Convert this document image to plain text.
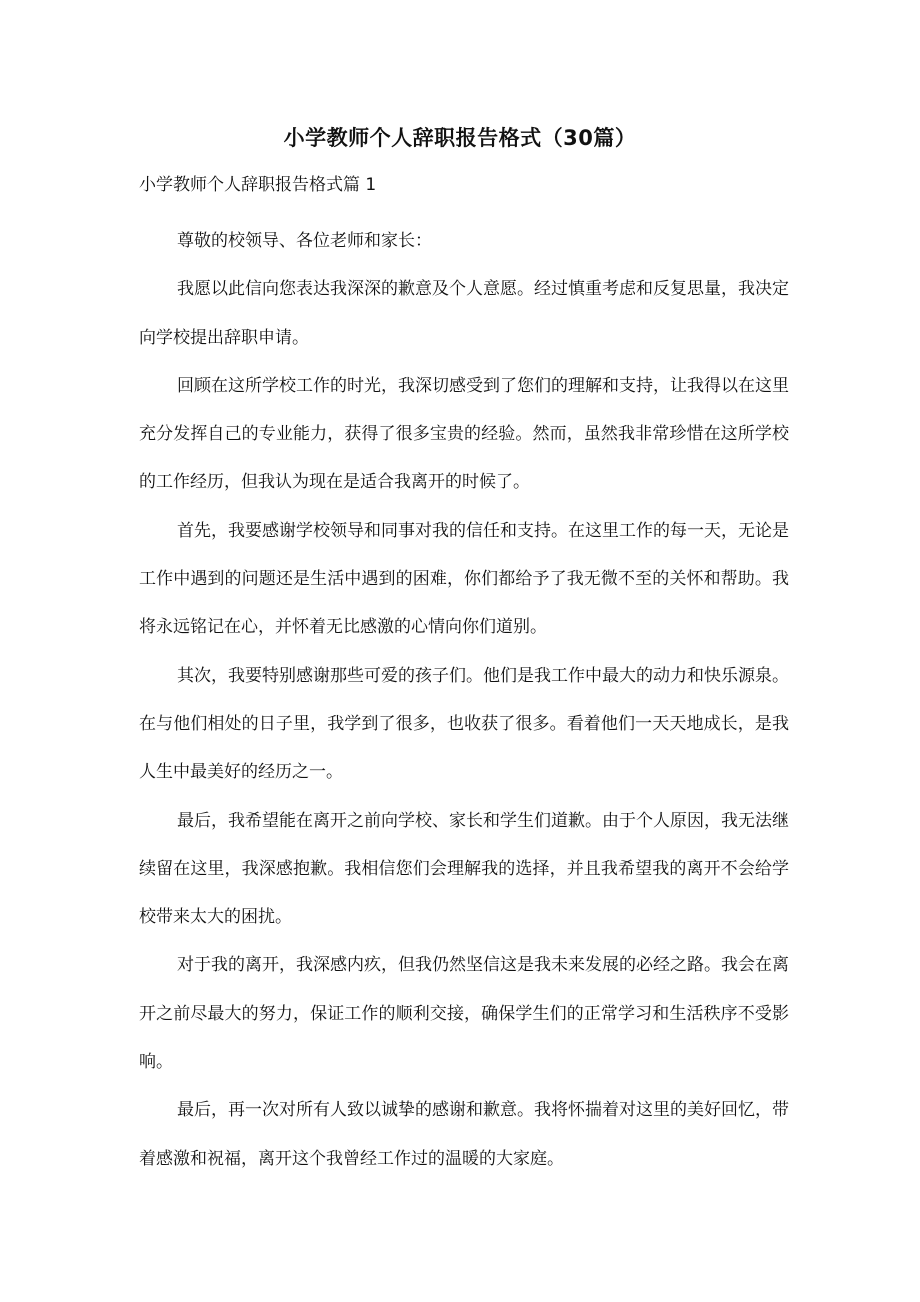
小学教师个人辞职报告格式（30篇）
小学教师个人辞职报告格式篇 1

尊敬的校领导、各位老师和家长：

我愿以此信向您表达我深深的歉意及个人意愿。经过慎重考虑和反复思量，我决定向学校提出辞职申请。

回顾在这所学校工作的时光，我深切感受到了您们的理解和支持，让我得以在这里充分发挥自己的专业能力，获得了很多宝贵的经验。然而，虽然我非常珍惜在这所学校的工作经历，但我认为现在是适合我离开的时候了。

首先，我要感谢学校领导和同事对我的信任和支持。在这里工作的每一天，无论是工作中遇到的问题还是生活中遇到的困难，你们都给予了我无微不至的关怀和帮助。我将永远铭记在心，并怀着无比感激的心情向你们道别。

其次，我要特别感谢那些可爱的孩子们。他们是我工作中最大的动力和快乐源泉。在与他们相处的日子里，我学到了很多，也收获了很多。看着他们一天天地成长，是我人生中最美好的经历之一。

最后，我希望能在离开之前向学校、家长和学生们道歉。由于个人原因，我无法继续留在这里，我深感抱歉。我相信您们会理解我的选择，并且我希望我的离开不会给学校带来太大的困扰。

对于我的离开，我深感内疚，但我仍然坚信这是我未来发展的必经之路。我会在离开之前尽最大的努力，保证工作的顺利交接，确保学生们的正常学习和生活秩序不受影响。

最后，再一次对所有人致以诚挚的感谢和歉意。我将怀揣着对这里的美好回忆，带着感激和祝福，离开这个我曾经工作过的温暖的大家庭。
